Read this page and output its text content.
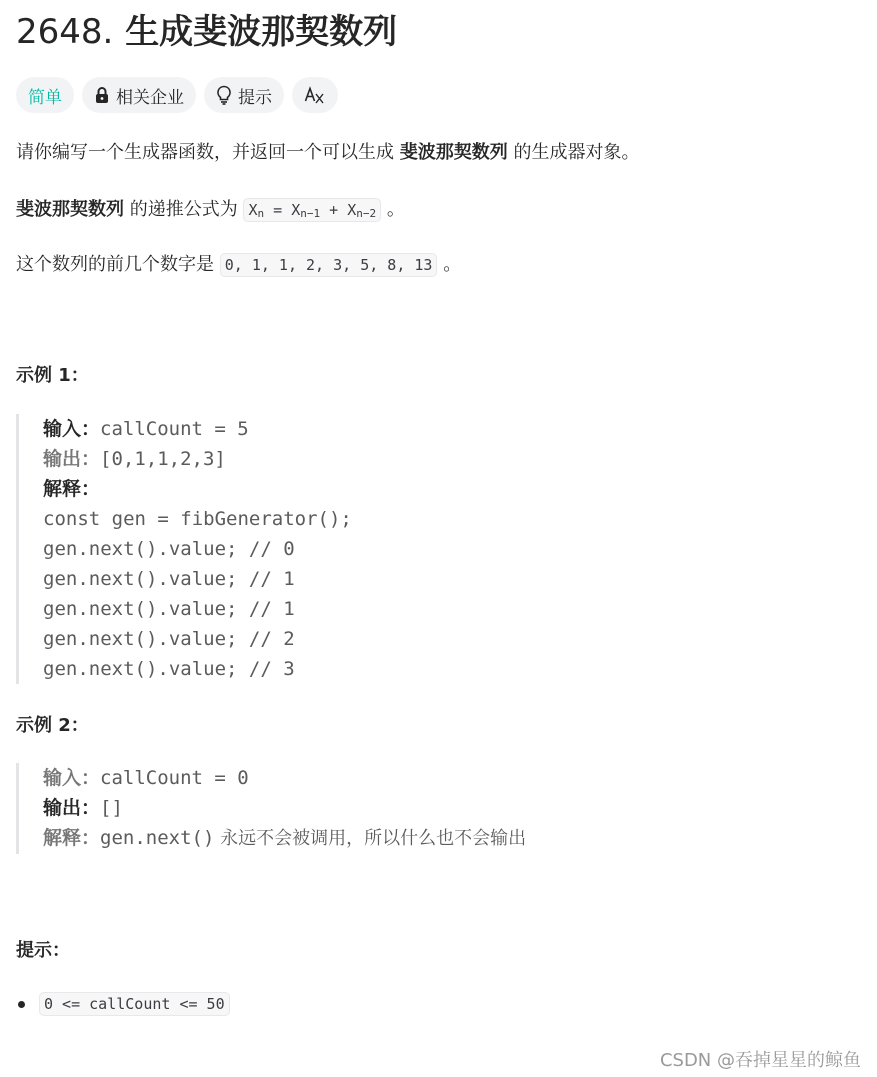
2648. 生成斐波那契数列
简单	相关企业	提示

请你编写一个生成器函数，并返回一个可以生成 斐波那契数列 的生成器对象。

斐波那契数列 的递推公式为 $X_n = X_{n-1} + X_{n-2}$ 。

这个数列的前几个数字是 0, 1, 1, 2, 3, 5, 8, 13 。

示例 1：
输入：callCount = 5
输出：[0,1,1,2,3]
解释：
const gen = fibGenerator();
gen.next().value; // 0
gen.next().value; // 1
gen.next().value; // 1
gen.next().value; // 2
gen.next().value; // 3
示例 2：
输入：callCount = 0
输出：[]
解释：gen.next() 永远不会被调用，所以什么也不会输出
提示：
0 <= callCount <= 50
CSDN @吞掉星星的鲸鱼
